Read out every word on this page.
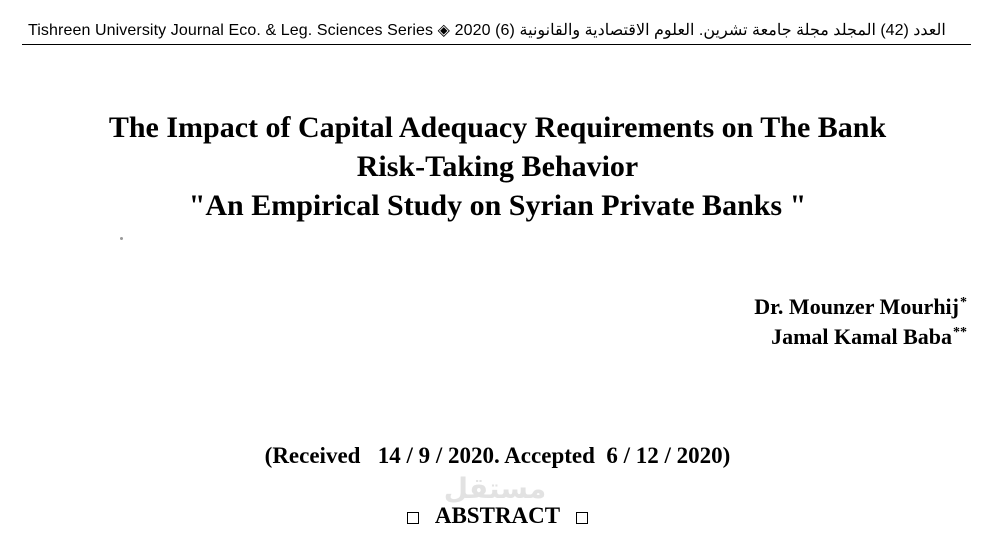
Tishreen University Journal Eco. & Leg. Sciences Series ◈ 2020 (6) العدد (42) المجلد مجلة جامعة تشرين. العلوم الاقتصادية والقانونية
The Impact of Capital Adequacy Requirements on The Bank
Risk-Taking Behavior
"An Empirical Study on Syrian Private Banks "
Dr. Mounzer Mourhij*
Jamal Kamal Baba**
(Received   14 / 9 / 2020. Accepted  6 / 12 / 2020)
مستقل
ABSTRACT
